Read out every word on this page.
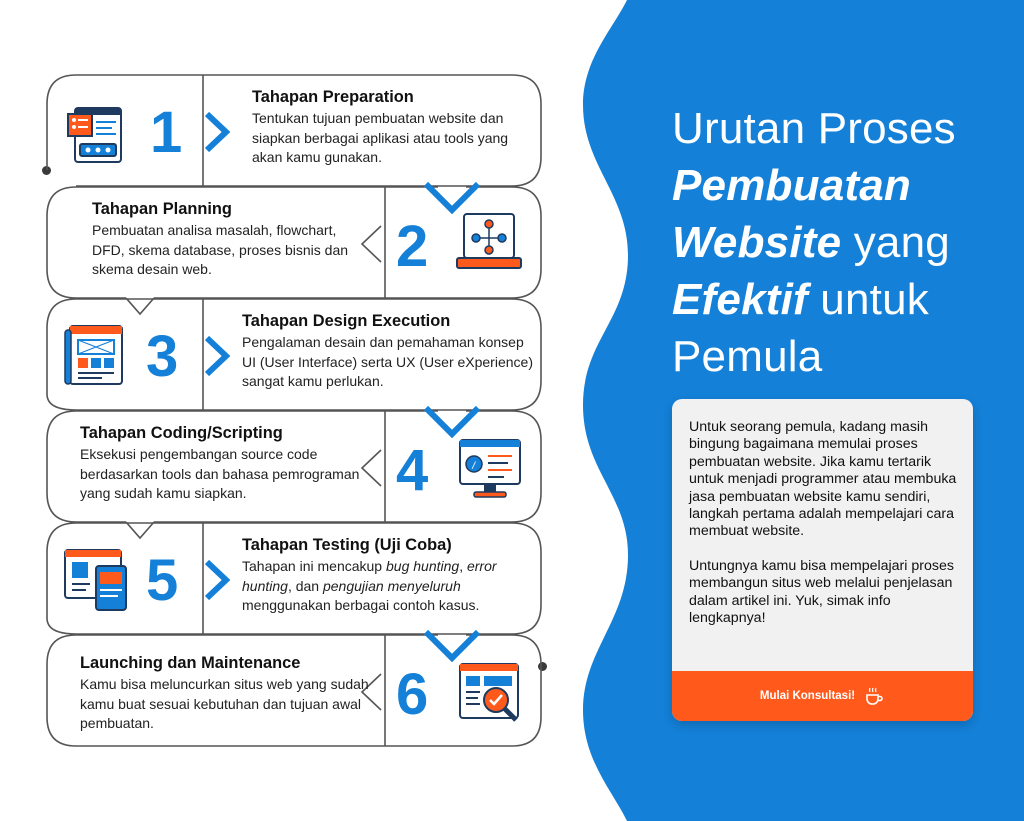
Urutan Proses
Pembuatan
Website yang
Efektif untuk
Pemula

Untuk seorang pemula, kadang masih bingung bagaimana memulai proses pembuatan website. Jika kamu tertarik untuk menjadi programmer atau membuka jasa pembuatan website kamu sendiri, langkah pertama adalah mempelajari cara membuat website.

Untungnya kamu bisa mempelajari proses membangun situs web melalui penjelasan dalam artikel ini. Yuk, simak info lengkapnya!

Mulai Konsultasi!
1
Tahapan Preparation
Tentukan tujuan pembuatan website dan siapkan berbagai aplikasi atau tools yang akan kamu gunakan.
2
Tahapan Planning
Pembuatan analisa masalah, flowchart, DFD, skema database, proses bisnis dan skema desain web.
3
Tahapan Design Execution
Pengalaman desain dan pemahaman konsep UI (User Interface) serta UX (User eXperience) sangat kamu perlukan.
4	/
Tahapan Coding/Scripting
Eksekusi pengembangan source code berdasarkan tools dan bahasa pemrograman yang sudah kamu siapkan.
5
Tahapan Testing (Uji Coba)
Tahapan ini mencakup bug hunting, error hunting, dan pengujian menyeluruh menggunakan berbagai contoh kasus.
6
Launching dan Maintenance
Kamu bisa meluncurkan situs web yang sudah kamu buat sesuai kebutuhan dan tujuan awal pembuatan.
